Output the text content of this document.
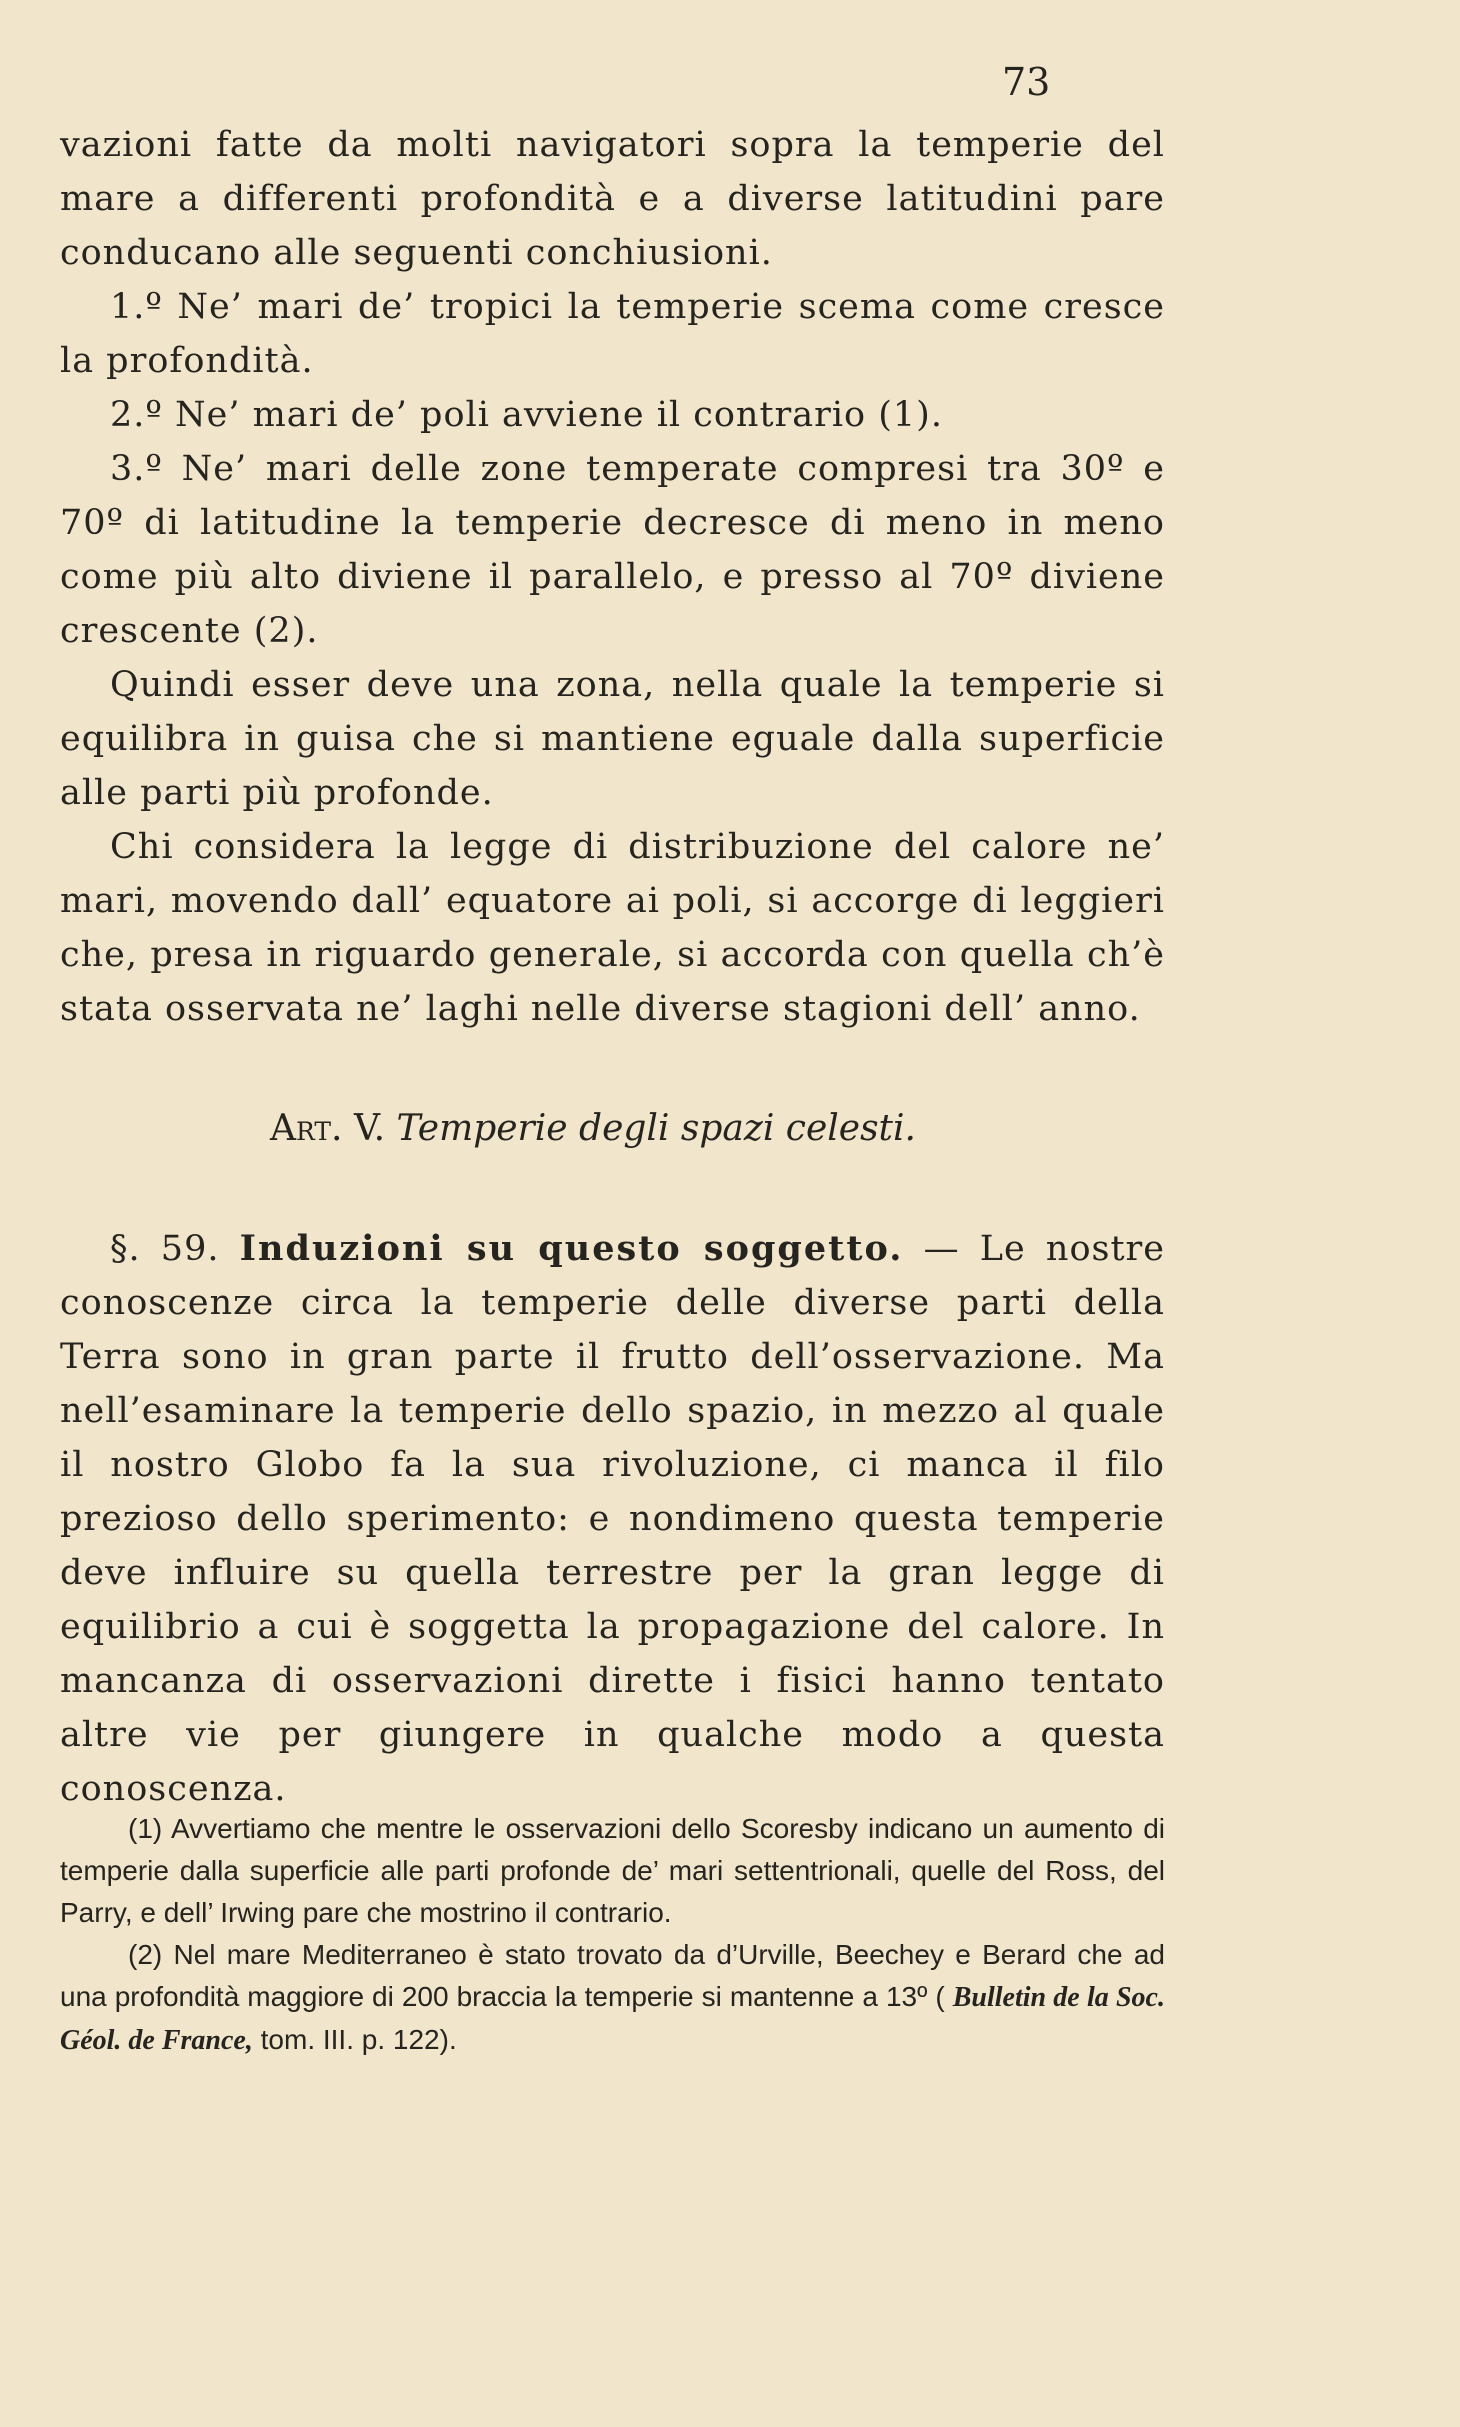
73

vazioni fatte da molti navigatori sopra la temperie del mare a differenti profondità e a diverse latitudini pare conducano alle seguenti conchiusioni.

1.º Ne’ mari de’ tropici la temperie scema come cresce la profondità.

2.º Ne’ mari de’ poli avviene il contrario (1).

3.º Ne’ mari delle zone temperate compresi tra 30º e 70º di latitudine la temperie decresce di meno in meno come più alto diviene il parallelo, e presso al 70º diviene crescente (2).

Quindi esser deve una zona, nella quale la temperie si equilibra in guisa che si mantiene eguale dalla superficie alle parti più profonde.

Chi considera la legge di distribuzione del calore ne’ mari, movendo dall’ equatore ai poli, si accorge di leggieri che, presa in riguardo generale, si accorda con quella ch’è stata osservata ne’ laghi nelle diverse stagioni dell’ anno.

Art. V. Temperie degli spazi celesti.

§. 59. Induzioni su questo soggetto. — Le nostre conoscenze circa la temperie delle diverse parti della Terra sono in gran parte il frutto dell’osservazione. Ma nell’esaminare la temperie dello spazio, in mezzo al quale il nostro Globo fa la sua rivoluzione, ci manca il filo prezioso dello sperimento: e nondimeno questa temperie deve influire su quella terrestre per la gran legge di equilibrio a cui è soggetta la propagazione del calore. In mancanza di osservazioni dirette i fisici hanno tentato altre vie per giungere in qualche modo a questa conoscenza.

(1) Avvertiamo che mentre le osservazioni dello Scoresby indicano un aumento di temperie dalla superficie alle parti profonde de’ mari settentrionali, quelle del Ross, del Parry, e dell’ Irwing pare che mostrino il contrario.

(2) Nel mare Mediterraneo è stato trovato da d’Urville, Beechey e Berard che ad una profondità maggiore di 200 braccia la temperie si mantenne a 13º ( Bulletin de la Soc. Géol. de France, tom. III. p. 122).
